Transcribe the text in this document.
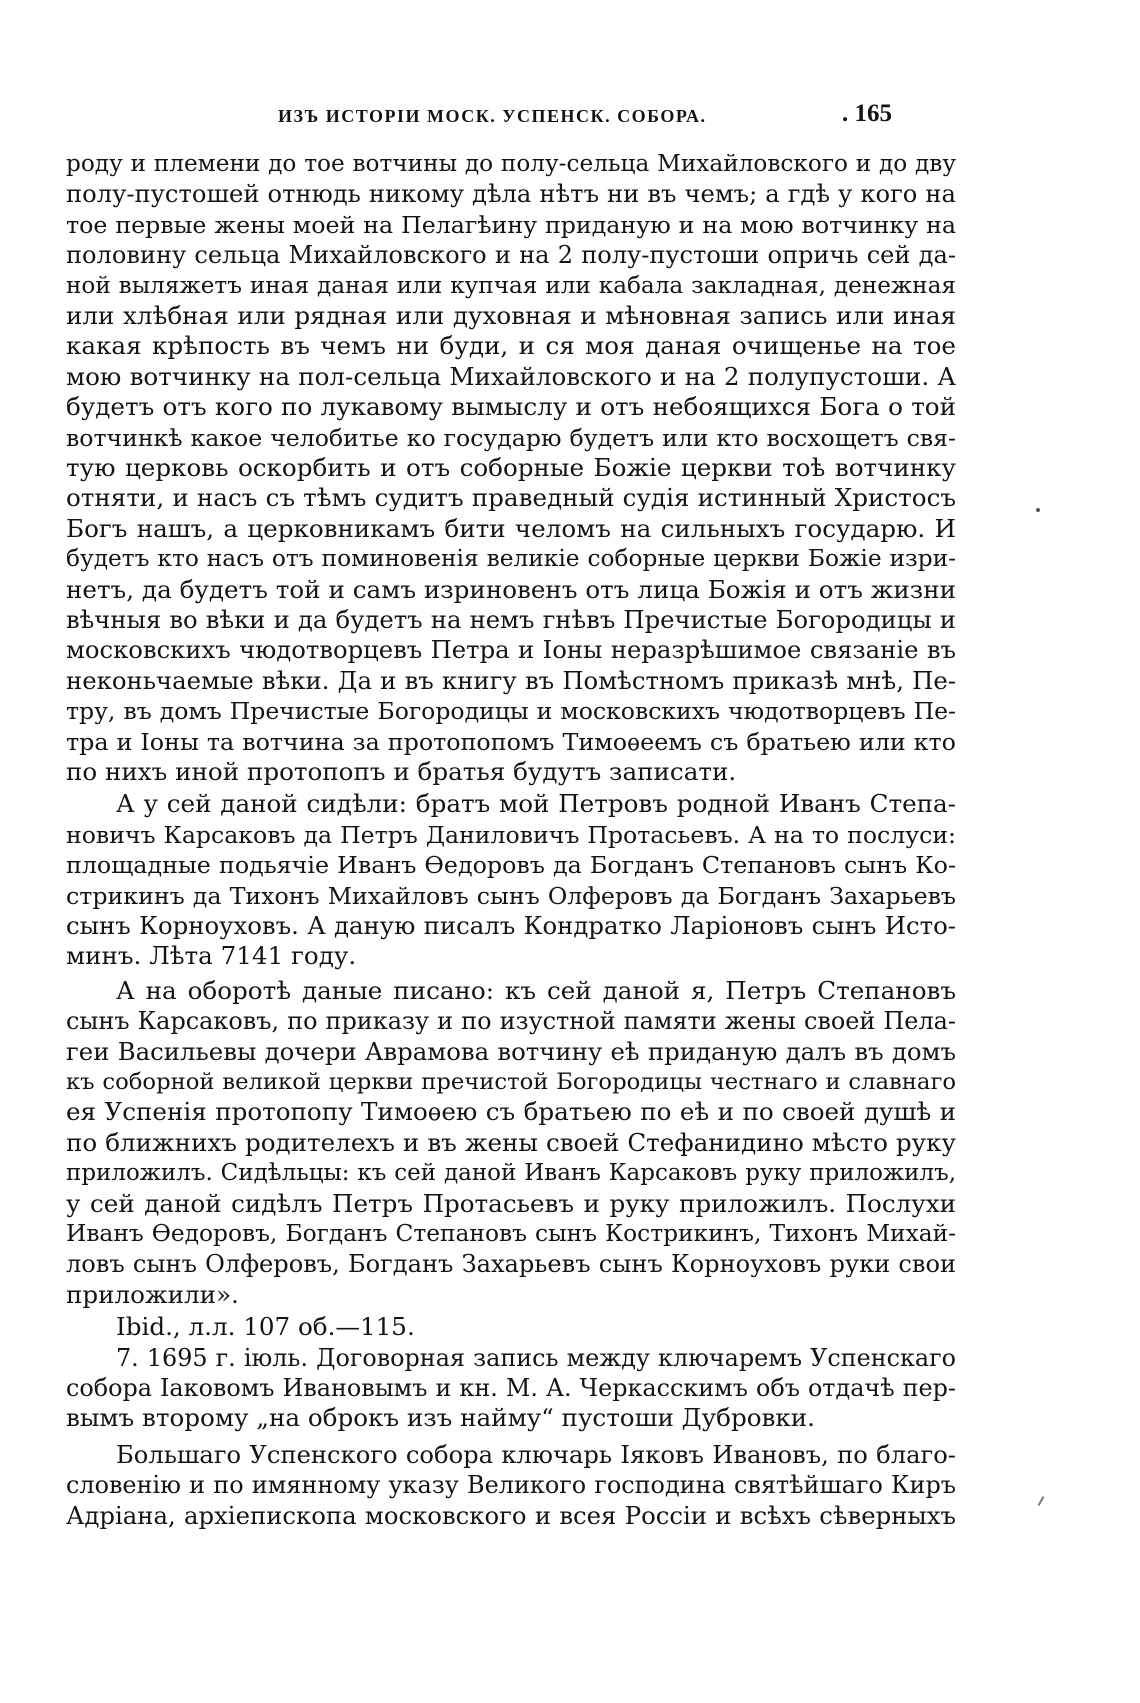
ИЗЪ ИСТОРІИ МОСК. УСПЕНСК. СОБОРА.	. 165
роду и племени до тое вотчины до полу-сельца Михайловского и до дву
полу-пустошей отнюдь никому дѣла нѣтъ ни въ чемъ; а гдѣ у кого на
тое первые жены моей на Пелагѣину приданую и на мою вотчинку на
половину сельца Михайловского и на 2 полу-пустоши опричь сей да-
ной выляжетъ иная даная или купчая или кабала закладная, денежная
или хлѣбная или рядная или духовная и мѣновная запись или иная
какая крѣпость въ чемъ ни буди, и ся моя даная очищенье на тое
мою вотчинку на пол-сельца Михайловского и на 2 полупустоши. А
будетъ отъ кого по лукавому вымыслу и отъ небоящихся Бога о той
вотчинкѣ какое челобитье ко государю будетъ или кто восхощетъ свя-
тую церковь оскорбить и отъ соборные Божіе церкви тоѣ вотчинку
отняти, и насъ съ тѣмъ судитъ праведный судія истинный Христосъ
Богъ нашъ, а церковникамъ бити челомъ на сильныхъ государю. И
будетъ кто насъ отъ поминовенія великіе соборные церкви Божіе изри-
нетъ, да будетъ той и самъ изриновенъ отъ лица Божія и отъ жизни
вѣчныя во вѣки и да будетъ на немъ гнѣвъ Пречистые Богородицы и
московскихъ чюдотворцевъ Петра и Іоны неразрѣшимое связаніе въ
неконьчаемые вѣки. Да и въ книгу въ Помѣстномъ приказѣ мнѣ, Пе-
тру, въ домъ Пречистые Богородицы и московскихъ чюдотворцевъ Пе-
тра и Іоны та вотчина за протопопомъ Тимоѳеемъ съ братьею или кто
по нихъ иной протопопъ и братья будутъ записати.
А у сей даной сидѣли: братъ мой Петровъ родной Иванъ Степа-
новичъ Карсаковъ да Петръ Даниловичъ Протасьевъ. А на то послуси:
площадные подьячіе Иванъ Ѳедоровъ да Богданъ Степановъ сынъ Ко-
стрикинъ да Тихонъ Михайловъ сынъ Олферовъ да Богданъ Захарьевъ
сынъ Корноуховъ. А даную писалъ Кондратко Ларіоновъ сынъ Исто-
минъ. Лѣта 7141 году.
А на оборотѣ даные писано: къ сей даной я, Петръ Степановъ
сынъ Карсаковъ, по приказу и по изустной памяти жены своей Пела-
геи Васильевы дочери Аврамова вотчину еѣ приданую далъ въ домъ
къ соборной великой церкви пречистой Богородицы честнаго и славнаго
ея Успенія протопопу Тимоѳею съ братьею по еѣ и по своей душѣ и
по ближнихъ родителехъ и въ жены своей Стефанидино мѣсто руку
приложилъ. Сидѣльцы: къ сей даной Иванъ Карсаковъ руку приложилъ,
у сей даной сидѣлъ Петръ Протасьевъ и руку приложилъ. Послухи
Иванъ Ѳедоровъ, Богданъ Степановъ сынъ Кострикинъ, Тихонъ Михай-
ловъ сынъ Олферовъ, Богданъ Захарьевъ сынъ Корноуховъ руки свои
приложили».
Ibid., л.л. 107 об.—115.
7. 1695 г. іюль. Договорная запись между ключаремъ Успенскаго
собора Іаковомъ Ивановымъ и кн. М. А. Черкасскимъ объ отдачѣ пер-
вымъ второму „на оброкъ изъ найму“ пустоши Дубровки.
Большаго Успенского собора ключарь Іяковъ Ивановъ, по благо-
словенію и по имянному указу Великого господина святѣйшаго Киръ
Адріана, архіепископа московского и всея Россіи и всѣхъ сѣверныхъ
